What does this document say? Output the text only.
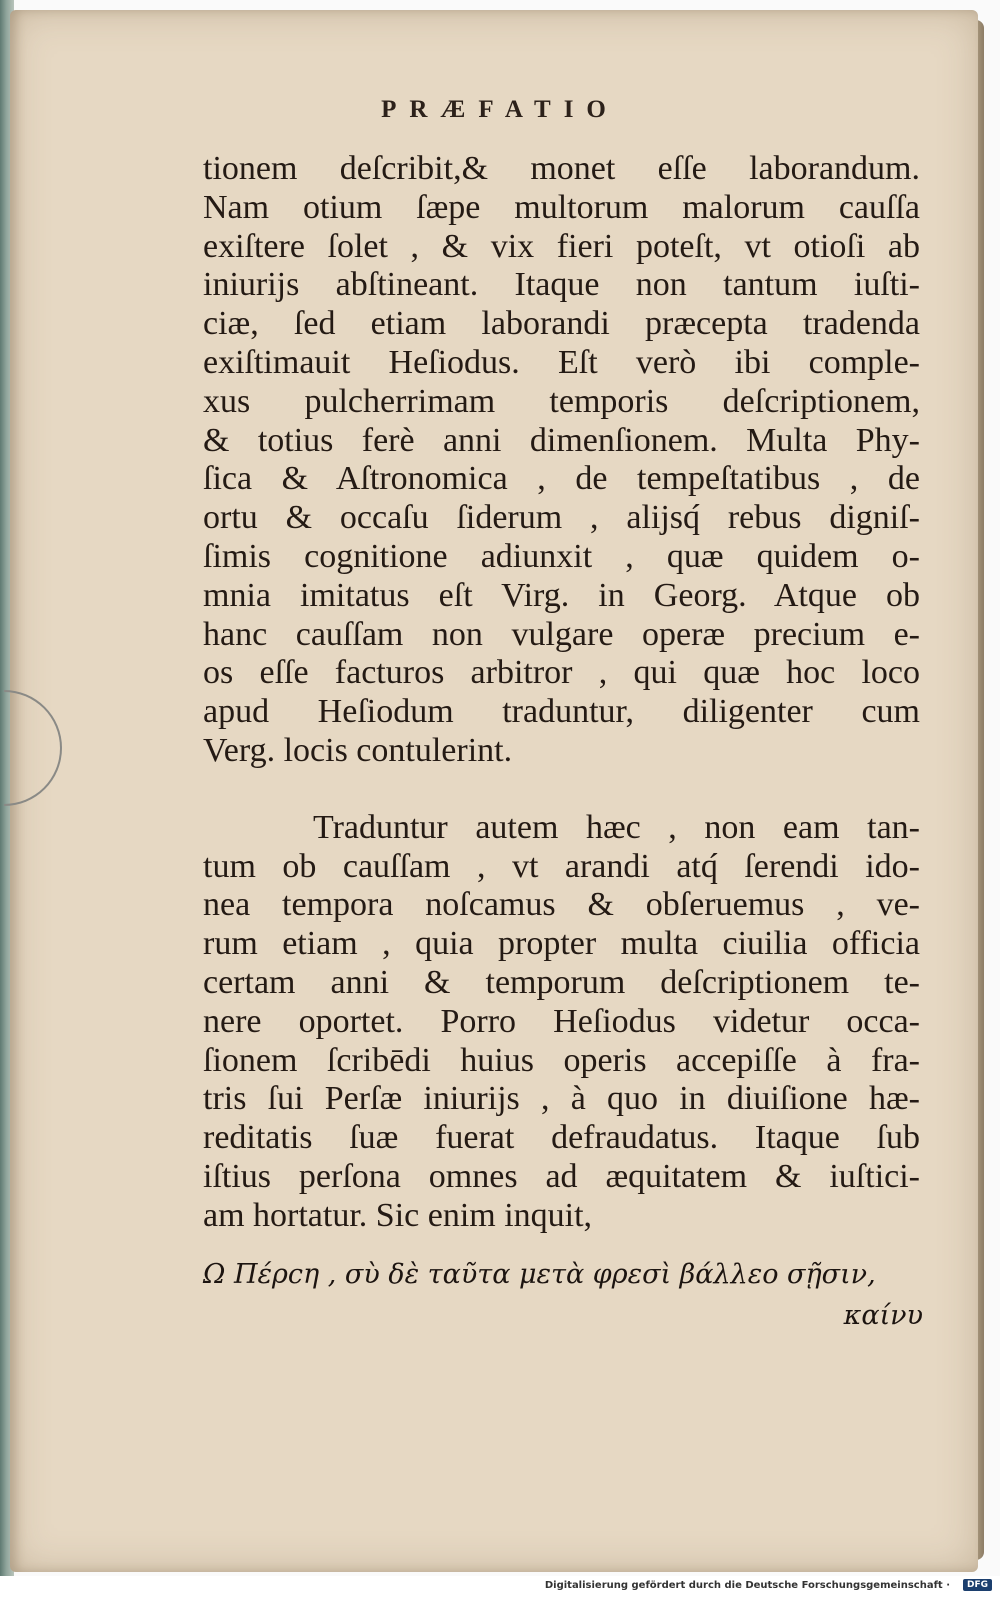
PRÆFATIO
tionem deſcribit,& monet eſſe laborandum.
Nam otium ſæpe multorum malorum cauſſa
exiſtere ſolet , & vix fieri poteſt, vt otioſi ab
iniurijs abſtineant. Itaque non tantum iuſti-
ciæ, ſed etiam laborandi præcepta tradenda
exiſtimauit Heſiodus. Eſt verò ibi comple-
xus pulcherrimam temporis deſcriptionem,
& totius ferè anni dimenſionem. Multa Phy-
ſica & Aſtronomica , de tempeſtatibus , de
ortu & occaſu ſiderum , alijsq́ rebus digniſ-
ſimis cognitione adiunxit , quæ quidem o-
mnia imitatus eſt Virg. in Georg. Atque ob
hanc cauſſam non vulgare operæ precium e-
os eſſe facturos arbitror , qui quæ hoc loco
apud Heſiodum traduntur, diligenter cum
Verg. locis contulerint.
Traduntur autem hæc , non eam tan-
tum ob cauſſam , vt arandi atq́ ſerendi ido-
nea tempora noſcamus & obſeruemus , ve-
rum etiam , quia propter multa ciuilia officia
certam anni & temporum deſcriptionem te-
nere oportet. Porro Heſiodus videtur occa-
ſionem ſcribēdi huius operis accepiſſe à fra-
tris ſui Perſæ iniurijs , à quo in diuiſione hæ-
reditatis ſuæ fuerat defraudatus. Itaque ſub
iſtius perſona omnes ad æquitatem & iuſtici-
am hortatur. Sic enim inquit,
Ω Πέρϲη , σὺ δὲ ταῦτα μετὰ φρεσὶ βάλλεο σῇσιν,
καίνυ
Digitalisierung gefördert durch die Deutsche Forschungsgemeinschaft ·	DFG
